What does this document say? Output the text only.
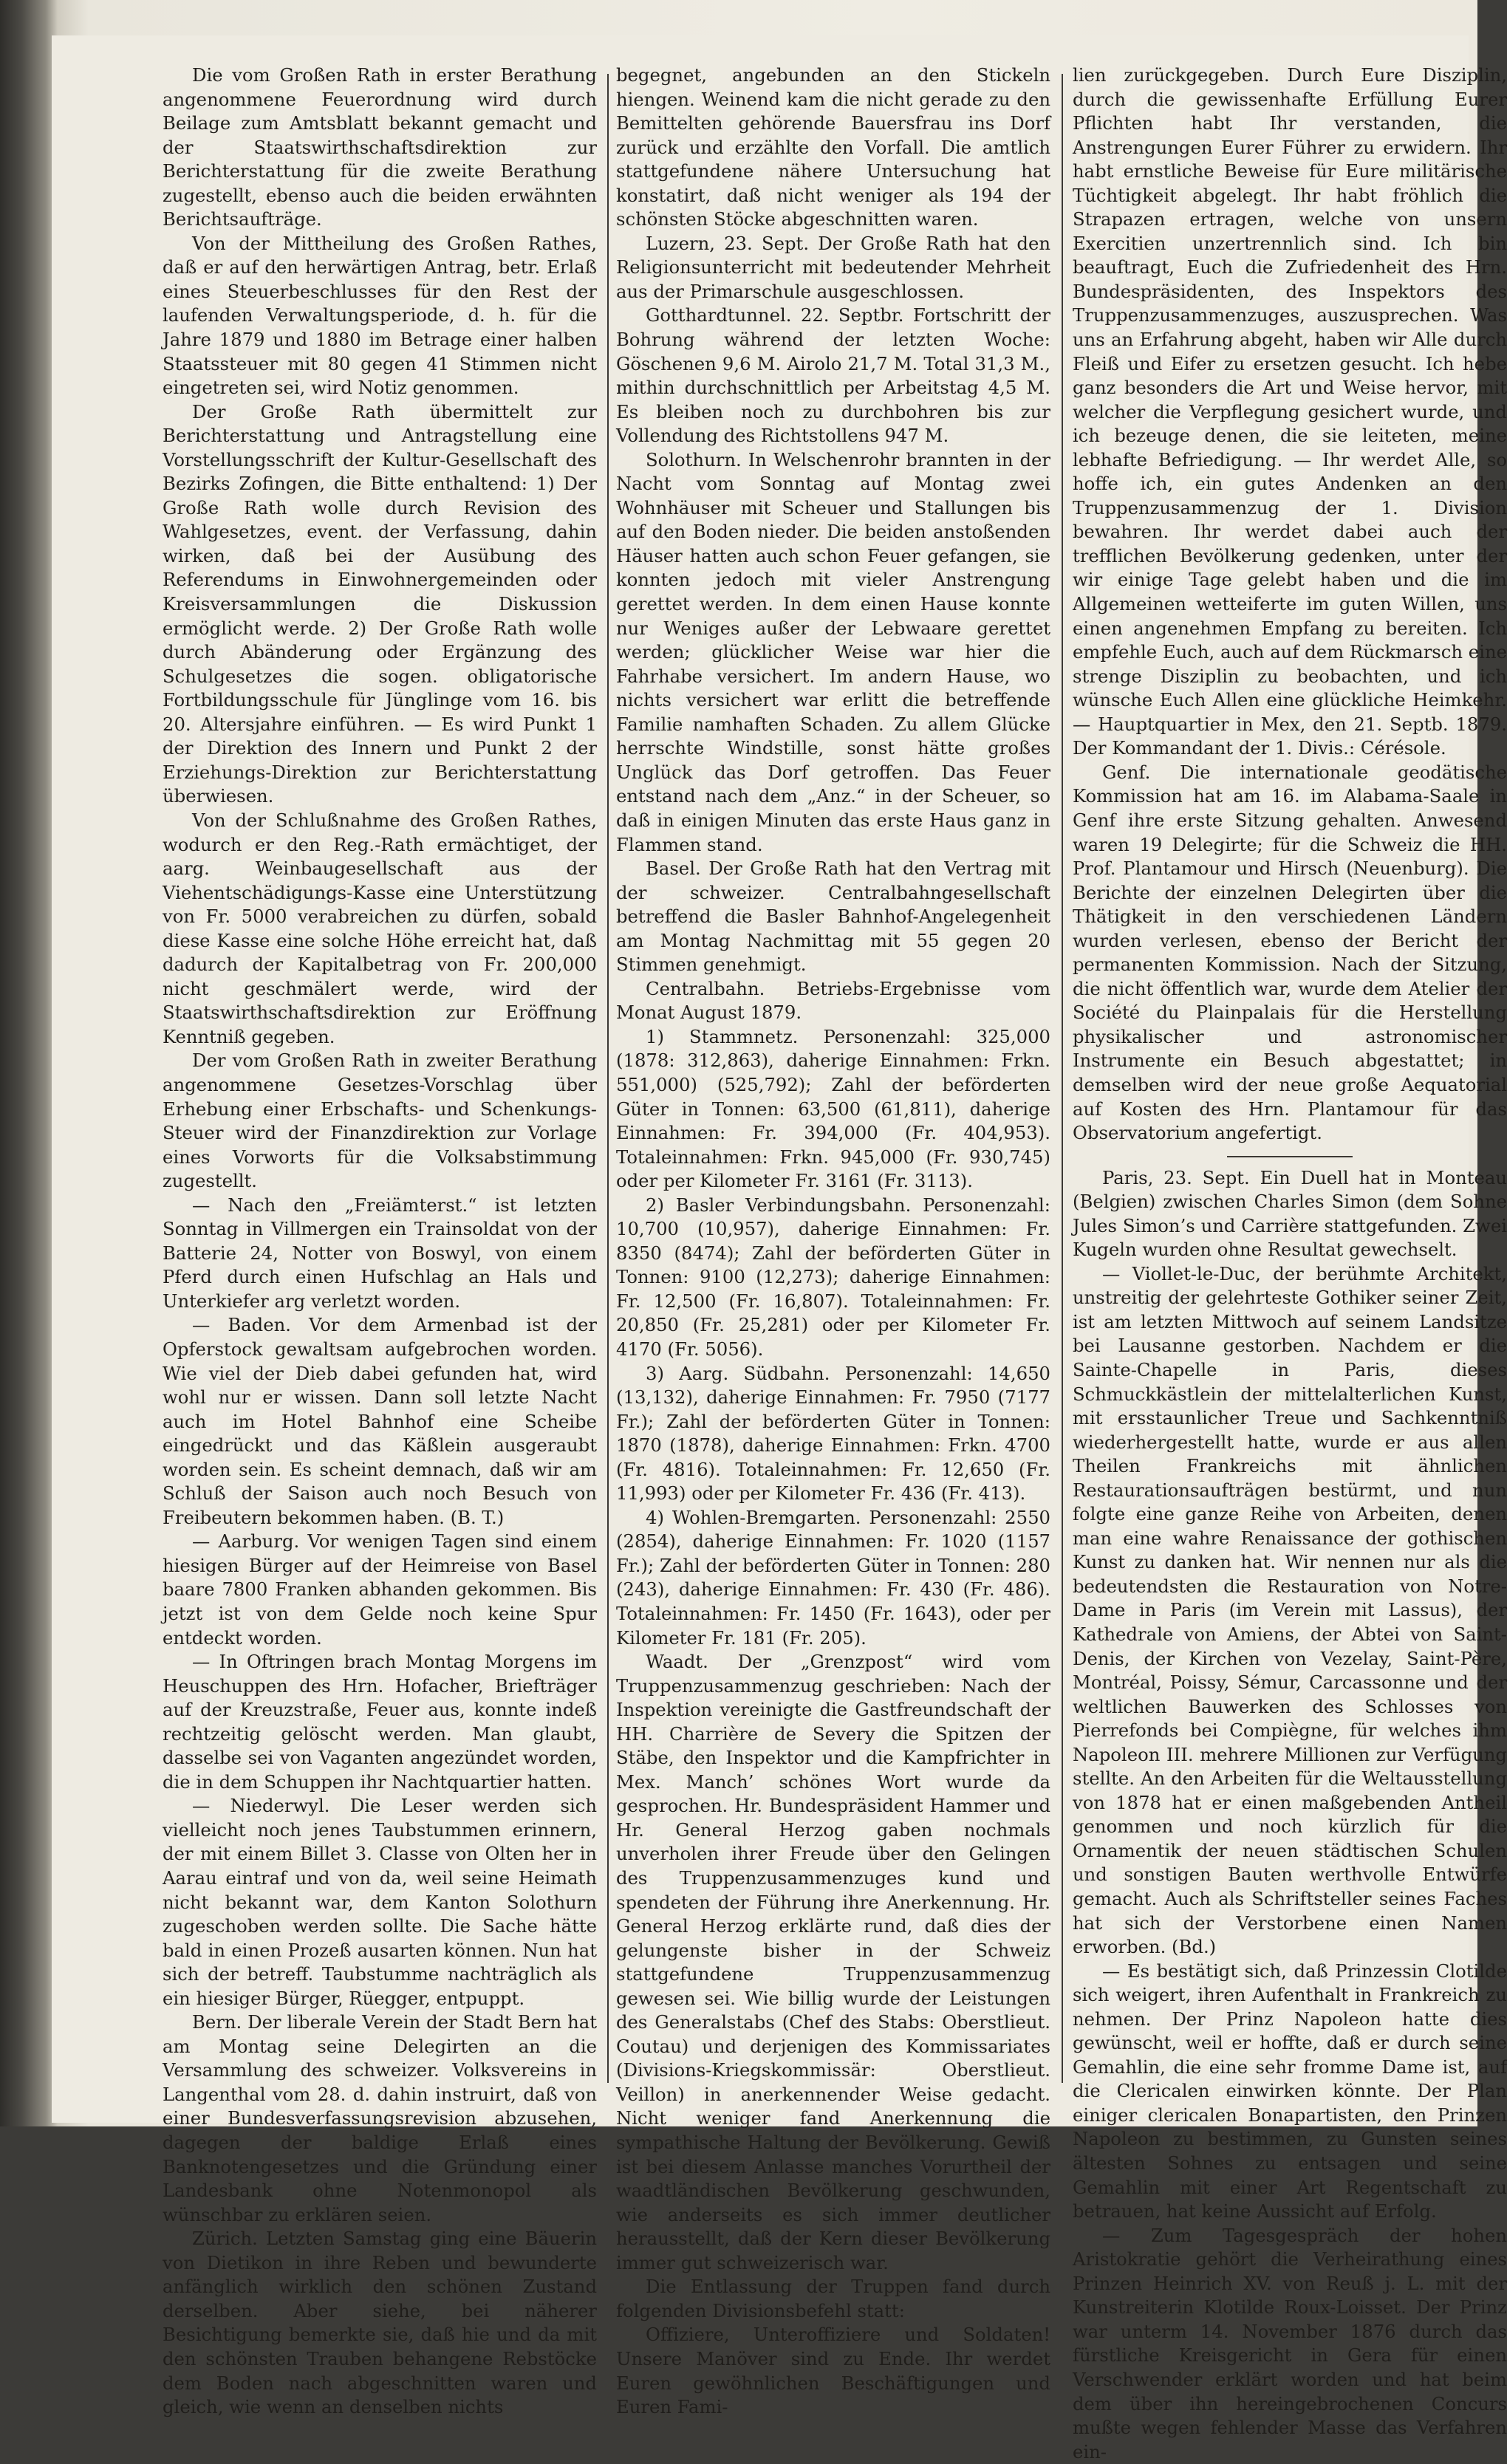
Die vom Großen Rath in erster Berathung angenommene Feuerordnung wird durch Beilage zum Amtsblatt bekannt gemacht und der Staatswirthschaftsdirektion zur Berichterstattung für die zweite Berathung zugestellt, ebenso auch die beiden erwähnten Berichtsaufträge.

Von der Mittheilung des Großen Rathes, daß er auf den herwärtigen Antrag, betr. Erlaß eines Steuerbeschlusses für den Rest der laufenden Verwaltungsperiode, d. h. für die Jahre 1879 und 1880 im Betrage einer halben Staatssteuer mit 80 gegen 41 Stimmen nicht eingetreten sei, wird Notiz genommen.

Der Große Rath übermittelt zur Berichterstattung und Antragstellung eine Vorstellungsschrift der Kultur-Gesellschaft des Bezirks Zofingen, die Bitte enthaltend: 1) Der Große Rath wolle durch Revision des Wahlgesetzes, event. der Verfassung, dahin wirken, daß bei der Ausübung des Referendums in Einwohnergemeinden oder Kreisversammlungen die Diskussion ermöglicht werde. 2) Der Große Rath wolle durch Abänderung oder Ergänzung des Schulgesetzes die sogen. obligatorische Fortbildungsschule für Jünglinge vom 16. bis 20. Altersjahre einführen. — Es wird Punkt 1 der Direktion des Innern und Punkt 2 der Erziehungs-Direktion zur Berichterstattung überwiesen.

Von der Schlußnahme des Großen Rathes, wodurch er den Reg.-Rath ermächtiget, der aarg. Weinbaugesellschaft aus der Viehentschädigungs-Kasse eine Unterstützung von Fr. 5000 verabreichen zu dürfen, sobald diese Kasse eine solche Höhe erreicht hat, daß dadurch der Kapitalbetrag von Fr. 200,000 nicht geschmälert werde, wird der Staatswirthschaftsdirektion zur Eröffnung Kenntniß gegeben.

Der vom Großen Rath in zweiter Berathung angenommene Gesetzes-Vorschlag über Erhebung einer Erbschafts- und Schenkungs-Steuer wird der Finanzdirektion zur Vorlage eines Vorworts für die Volksabstimmung zugestellt.

— Nach den „Freiämterst.“ ist letzten Sonntag in Villmergen ein Trainsoldat von der Batterie 24, Notter von Boswyl, von einem Pferd durch einen Hufschlag an Hals und Unterkiefer arg verletzt worden.

— Baden. Vor dem Armenbad ist der Opferstock gewaltsam aufgebrochen worden. Wie viel der Dieb dabei gefunden hat, wird wohl nur er wissen. Dann soll letzte Nacht auch im Hotel Bahnhof eine Scheibe eingedrückt und das Käßlein ausgeraubt worden sein. Es scheint demnach, daß wir am Schluß der Saison auch noch Besuch von Freibeutern bekommen haben. (B. T.)

— Aarburg. Vor wenigen Tagen sind einem hiesigen Bürger auf der Heimreise von Basel baare 7800 Franken abhanden gekommen. Bis jetzt ist von dem Gelde noch keine Spur entdeckt worden.

— In Oftringen brach Montag Morgens im Heuschuppen des Hrn. Hofacher, Briefträger auf der Kreuzstraße, Feuer aus, konnte indeß rechtzeitig gelöscht werden. Man glaubt, dasselbe sei von Vaganten angezündet worden, die in dem Schuppen ihr Nachtquartier hatten.

— Niederwyl. Die Leser werden sich vielleicht noch jenes Taubstummen erinnern, der mit einem Billet 3. Classe von Olten her in Aarau eintraf und von da, weil seine Heimath nicht bekannt war, dem Kanton Solothurn zugeschoben werden sollte. Die Sache hätte bald in einen Prozeß ausarten können. Nun hat sich der betreff. Taubstumme nachträglich als ein hiesiger Bürger, Rüegger, entpuppt.

Bern. Der liberale Verein der Stadt Bern hat am Montag seine Delegirten an die Versammlung des schweizer. Volksvereins in Langenthal vom 28. d. dahin instruirt, daß von einer Bundesverfassungsrevision abzusehen, dagegen der baldige Erlaß eines Banknotengesetzes und die Gründung einer Landesbank ohne Notenmonopol als wünschbar zu erklären seien.

Zürich. Letzten Samstag ging eine Bäuerin von Dietikon in ihre Reben und bewunderte anfänglich wirklich den schönen Zustand derselben. Aber siehe, bei näherer Besichtigung bemerkte sie, daß hie und da mit den schönsten Trauben behangene Rebstöcke dem Boden nach abgeschnitten waren und gleich, wie wenn an denselben nichts

begegnet, angebunden an den Stickeln hiengen. Weinend kam die nicht gerade zu den Bemittelten gehörende Bauersfrau ins Dorf zurück und erzählte den Vorfall. Die amtlich stattgefundene nähere Untersuchung hat konstatirt, daß nicht weniger als 194 der schönsten Stöcke abgeschnitten waren.

Luzern, 23. Sept. Der Große Rath hat den Religionsunterricht mit bedeutender Mehrheit aus der Primarschule ausgeschlossen.

Gotthardtunnel. 22. Septbr. Fortschritt der Bohrung während der letzten Woche: Göschenen 9,6 M. Airolo 21,7 M. Total 31,3 M., mithin durchschnittlich per Arbeitstag 4,5 M. Es bleiben noch zu durchbohren bis zur Vollendung des Richtstollens 947 M.

Solothurn. In Welschenrohr brannten in der Nacht vom Sonntag auf Montag zwei Wohnhäuser mit Scheuer und Stallungen bis auf den Boden nieder. Die beiden anstoßenden Häuser hatten auch schon Feuer gefangen, sie konnten jedoch mit vieler Anstrengung gerettet werden. In dem einen Hause konnte nur Weniges außer der Lebwaare gerettet werden; glücklicher Weise war hier die Fahrhabe versichert. Im andern Hause, wo nichts versichert war erlitt die betreffende Familie namhaften Schaden. Zu allem Glücke herrschte Windstille, sonst hätte großes Unglück das Dorf getroffen. Das Feuer entstand nach dem „Anz.“ in der Scheuer, so daß in einigen Minuten das erste Haus ganz in Flammen stand.

Basel. Der Große Rath hat den Vertrag mit der schweizer. Centralbahngesellschaft betreffend die Basler Bahnhof-Angelegenheit am Montag Nachmittag mit 55 gegen 20 Stimmen genehmigt.

Centralbahn. Betriebs-Ergebnisse vom Monat August 1879.

1) Stammnetz. Personenzahl: 325,000 (1878: 312,863), daherige Einnahmen: Frkn. 551,000) (525,792); Zahl der beförderten Güter in Tonnen: 63,500 (61,811), daherige Einnahmen: Fr. 394,000 (Fr. 404,953). Totaleinnahmen: Frkn. 945,000 (Fr. 930,745) oder per Kilometer Fr. 3161 (Fr. 3113).

2) Basler Verbindungsbahn. Personenzahl: 10,700 (10,957), daherige Einnahmen: Fr. 8350 (8474); Zahl der beförderten Güter in Tonnen: 9100 (12,273); daherige Einnahmen: Fr. 12,500 (Fr. 16,807). Totaleinnahmen: Fr. 20,850 (Fr. 25,281) oder per Kilometer Fr. 4170 (Fr. 5056).

3) Aarg. Südbahn. Personenzahl: 14,650 (13,132), daherige Einnahmen: Fr. 7950 (7177 Fr.); Zahl der beförderten Güter in Tonnen: 1870 (1878), daherige Einnahmen: Frkn. 4700 (Fr. 4816). Totaleinnahmen: Fr. 12,650 (Fr. 11,993) oder per Kilometer Fr. 436 (Fr. 413).

4) Wohlen-Bremgarten. Personenzahl: 2550 (2854), daherige Einnahmen: Fr. 1020 (1157 Fr.); Zahl der beförderten Güter in Tonnen: 280 (243), daherige Einnahmen: Fr. 430 (Fr. 486). Totaleinnahmen: Fr. 1450 (Fr. 1643), oder per Kilometer Fr. 181 (Fr. 205).

Waadt. Der „Grenzpost“ wird vom Truppenzusammenzug geschrieben: Nach der Inspektion vereinigte die Gastfreundschaft der HH. Charrière de Severy die Spitzen der Stäbe, den Inspektor und die Kampfrichter in Mex. Manch’ schönes Wort wurde da gesprochen. Hr. Bundespräsident Hammer und Hr. General Herzog gaben nochmals unverholen ihrer Freude über den Gelingen des Truppenzusammenzuges kund und spendeten der Führung ihre Anerkennung. Hr. General Herzog erklärte rund, daß dies der gelungenste bisher in der Schweiz stattgefundene Truppenzusammenzug gewesen sei. Wie billig wurde der Leistungen des Generalstabs (Chef des Stabs: Oberstlieut. Coutau) und derjenigen des Kommissariates (Divisions-Kriegskommissär: Oberstlieut. Veillon) in anerkennender Weise gedacht. Nicht weniger fand Anerkennung die sympathische Haltung der Bevölkerung. Gewiß ist bei diesem Anlasse manches Vorurtheil der waadtländischen Bevölkerung geschwunden, wie anderseits es sich immer deutlicher herausstellt, daß der Kern dieser Bevölkerung immer gut schweizerisch war.

Die Entlassung der Truppen fand durch folgenden Divisionsbefehl statt:

Offiziere, Unteroffiziere und Soldaten! Unsere Manöver sind zu Ende. Ihr werdet Euren gewöhnlichen Beschäftigungen und Euren Fami-

lien zurückgegeben. Durch Eure Disziplin, durch die gewissenhafte Erfüllung Eurer Pflichten habt Ihr verstanden, die Anstrengungen Eurer Führer zu erwidern. Ihr habt ernstliche Beweise für Eure militärische Tüchtigkeit abgelegt. Ihr habt fröhlich die Strapazen ertragen, welche von unsern Exercitien unzertrennlich sind. Ich bin beauftragt, Euch die Zufriedenheit des Hrn. Bundespräsidenten, des Inspektors des Truppenzusammenzuges, auszusprechen. Was uns an Erfahrung abgeht, haben wir Alle durch Fleiß und Eifer zu ersetzen gesucht. Ich hebe ganz besonders die Art und Weise hervor, mit welcher die Verpflegung gesichert wurde, und ich bezeuge denen, die sie leiteten, meine lebhafte Befriedigung. — Ihr werdet Alle, so hoffe ich, ein gutes Andenken an den Truppenzusammenzug der 1. Division bewahren. Ihr werdet dabei auch der trefflichen Bevölkerung gedenken, unter der wir einige Tage gelebt haben und die im Allgemeinen wetteiferte im guten Willen, uns einen angenehmen Empfang zu bereiten. Ich empfehle Euch, auch auf dem Rückmarsch eine strenge Disziplin zu beobachten, und ich wünsche Euch Allen eine glückliche Heimkehr. — Hauptquartier in Mex, den 21. Septb. 1879. Der Kommandant der 1. Divis.: Cérésole.

Genf. Die internationale geodätische Kommission hat am 16. im Alabama-Saale in Genf ihre erste Sitzung gehalten. Anwesend waren 19 Delegirte; für die Schweiz die HH. Prof. Plantamour und Hirsch (Neuenburg). Die Berichte der einzelnen Delegirten über die Thätigkeit in den verschiedenen Ländern wurden verlesen, ebenso der Bericht der permanenten Kommission. Nach der Sitzung, die nicht öffentlich war, wurde dem Atelier der Société du Plainpalais für die Herstellung physikalischer und astronomischer Instrumente ein Besuch abgestattet; in demselben wird der neue große Aequatorial auf Kosten des Hrn. Plantamour für das Observatorium angefertigt.

Paris, 23. Sept. Ein Duell hat in Monteau (Belgien) zwischen Charles Simon (dem Sohne Jules Simon’s und Carrière stattgefunden. Zwei Kugeln wurden ohne Resultat gewechselt.

— Viollet-le-Duc, der berühmte Architekt, unstreitig der gelehrteste Gothiker seiner Zeit, ist am letzten Mittwoch auf seinem Landsitze bei Lausanne gestorben. Nachdem er die Sainte-Chapelle in Paris, dieses Schmuckkästlein der mittelalterlichen Kunst, mit ersstaunlicher Treue und Sachkenntniß wiederhergestellt hatte, wurde er aus allen Theilen Frankreichs mit ähnlichen Restaurationsaufträgen bestürmt, und nun folgte eine ganze Reihe von Arbeiten, denen man eine wahre Renaissance der gothischen Kunst zu danken hat. Wir nennen nur als die bedeutendsten die Restauration von Notre-Dame in Paris (im Verein mit Lassus), der Kathedrale von Amiens, der Abtei von Saint-Denis, der Kirchen von Vezelay, Saint-Père, Montréal, Poissy, Sémur, Carcassonne und der weltlichen Bauwerken des Schlosses von Pierrefonds bei Compiègne, für welches ihm Napoleon III. mehrere Millionen zur Verfügung stellte. An den Arbeiten für die Weltausstellung von 1878 hat er einen maßgebenden Antheil genommen und noch kürzlich für die Ornamentik der neuen städtischen Schulen und sonstigen Bauten werthvolle Entwürfe gemacht. Auch als Schriftsteller seines Faches hat sich der Verstorbene einen Namen erworben. (Bd.)

— Es bestätigt sich, daß Prinzessin Clotilde sich weigert, ihren Aufenthalt in Frankreich zu nehmen. Der Prinz Napoleon hatte dies gewünscht, weil er hoffte, daß er durch seine Gemahlin, die eine sehr fromme Dame ist, auf die Clericalen einwirken könnte. Der Plan einiger clericalen Bonapartisten, den Prinzen Napoleon zu bestimmen, zu Gunsten seines ältesten Sohnes zu entsagen und seine Gemahlin mit einer Art Regentschaft zu betrauen, hat keine Aussicht auf Erfolg.

— Zum Tagesgespräch der hohen Aristokratie gehört die Verheirathung eines Prinzen Heinrich XV. von Reuß j. L. mit der Kunstreiterin Klotilde Roux-Loisset. Der Prinz war unterm 14. November 1876 durch das fürstliche Kreisgericht in Gera für einen Verschwender erklärt worden und hat beim dem über ihn hereingebrochenen Concurs mußte wegen fehlender Masse das Verfahren ein-
